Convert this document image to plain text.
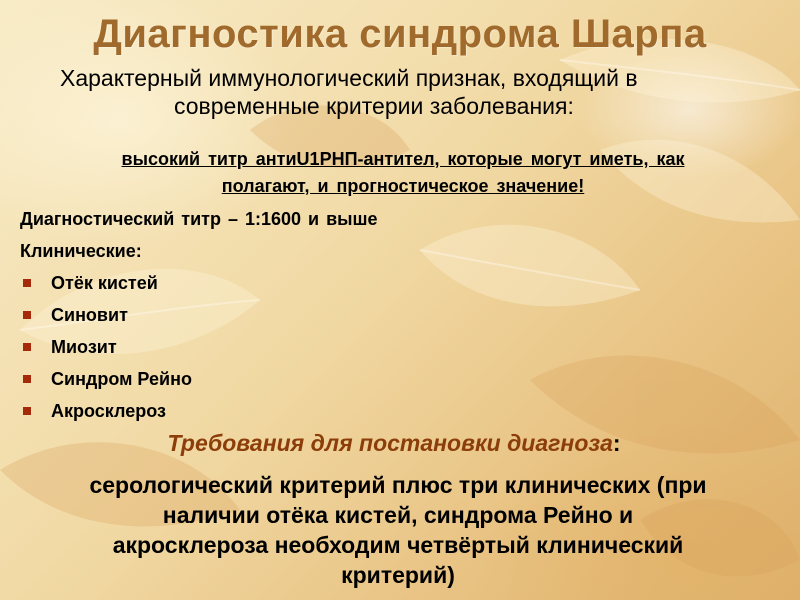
Диагностика синдрома Шарпа
Характерный иммунологический признак, входящий в
современные критерии заболевания:
высокий титр антиU1РНП-антител, которые могут иметь, как
полагают, и прогностическое значение!
Диагностический титр – 1:1600 и выше
Клинические:
Отёк кистей
Синовит
Миозит
Синдром Рейно
Акросклероз
Требования для постановки диагноза:
серологический критерий плюс три клинических (при
наличии отёка кистей, синдрома Рейно и
акросклероза необходим четвёртый клинический
критерий)
